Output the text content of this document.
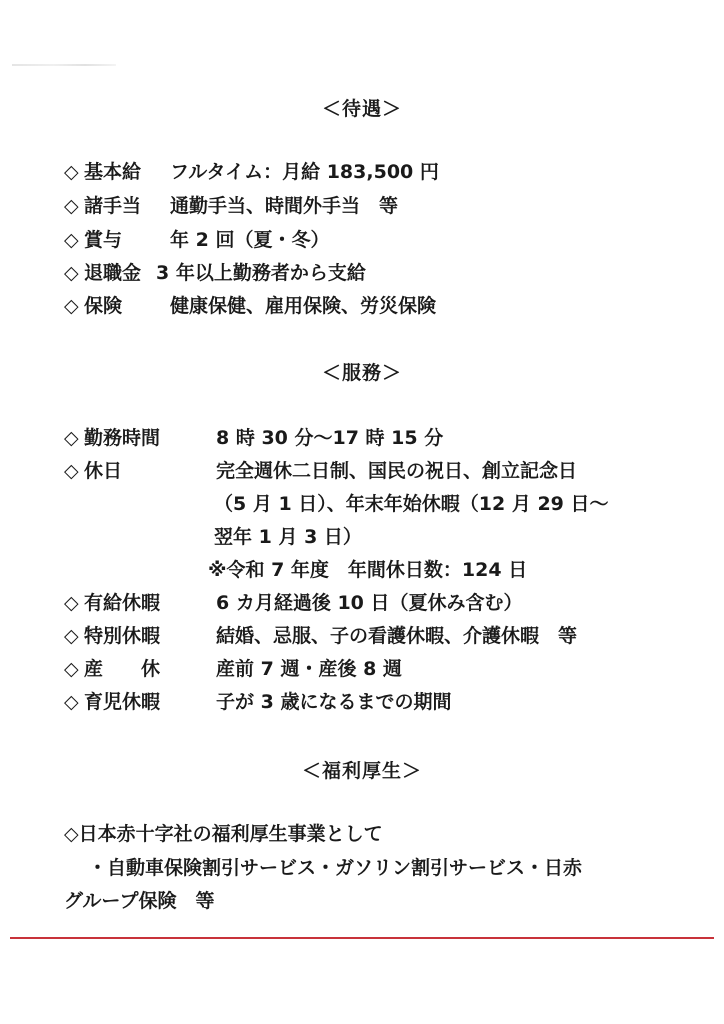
＜待遇＞
◇ 基本給 フルタイム：月給 183,500 円
◇ 諸手当 通勤手当、時間外手当　等
◇ 賞与	年 2 回（夏・冬）
◇ 退職金 3 年以上勤務者から支給
◇ 保険	健康保健、雇用保険、労災保険
＜服務＞
◇ 勤務時間	8 時 30 分～17 時 15 分
◇ 休日	完全週休二日制、国民の祝日、創立記念日
（5 月 1 日）、年末年始休暇（12 月 29 日～
翌年 1 月 3 日）
※令和 7 年度　年間休日数：124 日
◇ 有給休暇	6 カ月経過後 10 日（夏休み含む）
◇ 特別休暇	結婚、忌服、子の看護休暇、介護休暇　等
◇ 産　　休	産前 7 週・産後 8 週
◇ 育児休暇	子が 3 歳になるまでの期間
＜福利厚生＞
◇日本赤十字社の福利厚生事業として
・自動車保険割引サービス・ガソリン割引サービス・日赤
グループ保険　等
